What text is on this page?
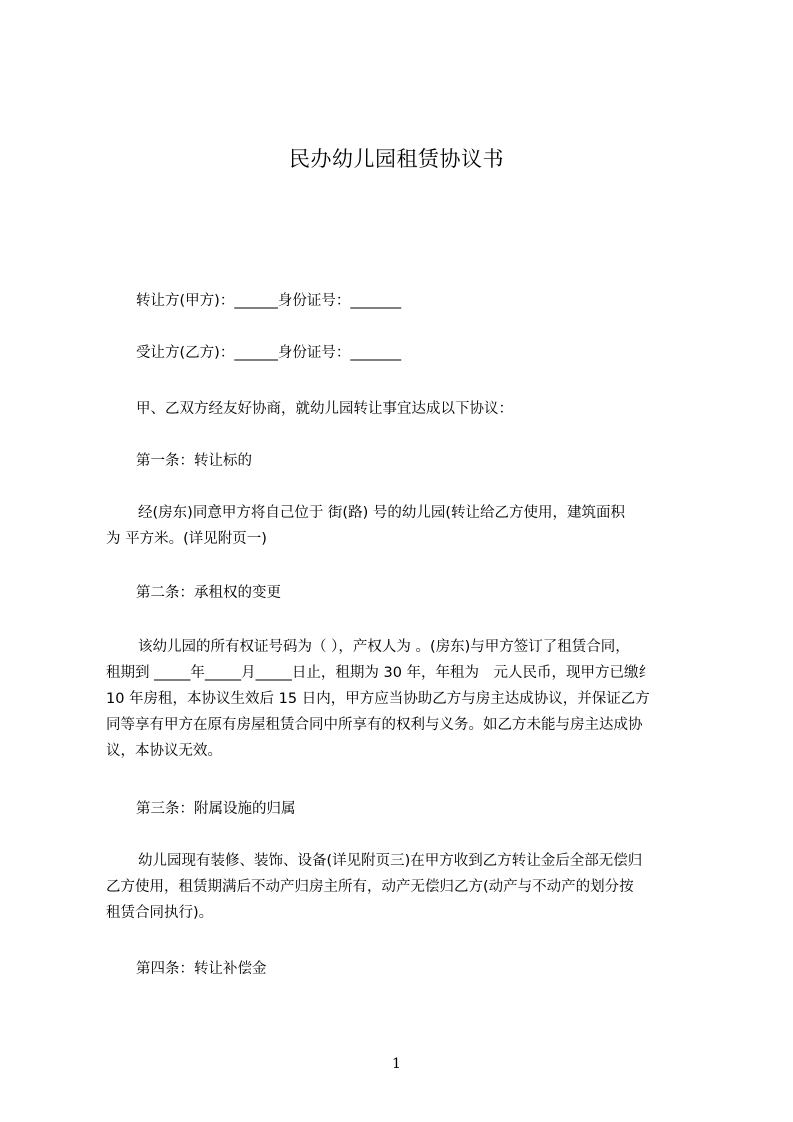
民办幼儿园租赁协议书
转让方(甲方)：______身份证号：_______
受让方(乙方)：______身份证号：_______
甲、乙双方经友好协商，就幼儿园转让事宜达成以下协议：
第一条：转让标的
经(房东)同意甲方将自己位于 街(路) 号的幼儿园(转让给乙方使用，建筑面积
为 平方米。(详见附页一)
第二条：承租权的变更
该幼儿园的所有权证号码为（ ），产权人为 。(房东)与甲方签订了租赁合同，
租期到 _____年_____月_____日止，租期为 30 年，年租为　元人民币，现甲方已缴纟
10 年房租，本协议生效后 15 日内，甲方应当协助乙方与房主达成协议，并保证乙方
同等享有甲方在原有房屋租赁合同中所享有的权利与义务。如乙方未能与房主达成协
议，本协议无效。
第三条：附属设施的归属
幼儿园现有装修、装饰、设备(详见附页三)在甲方收到乙方转让金后全部无偿归
乙方使用，租赁期满后不动产归房主所有，动产无偿归乙方(动产与不动产的划分按
租赁合同执行)。
第四条：转让补偿金
1
